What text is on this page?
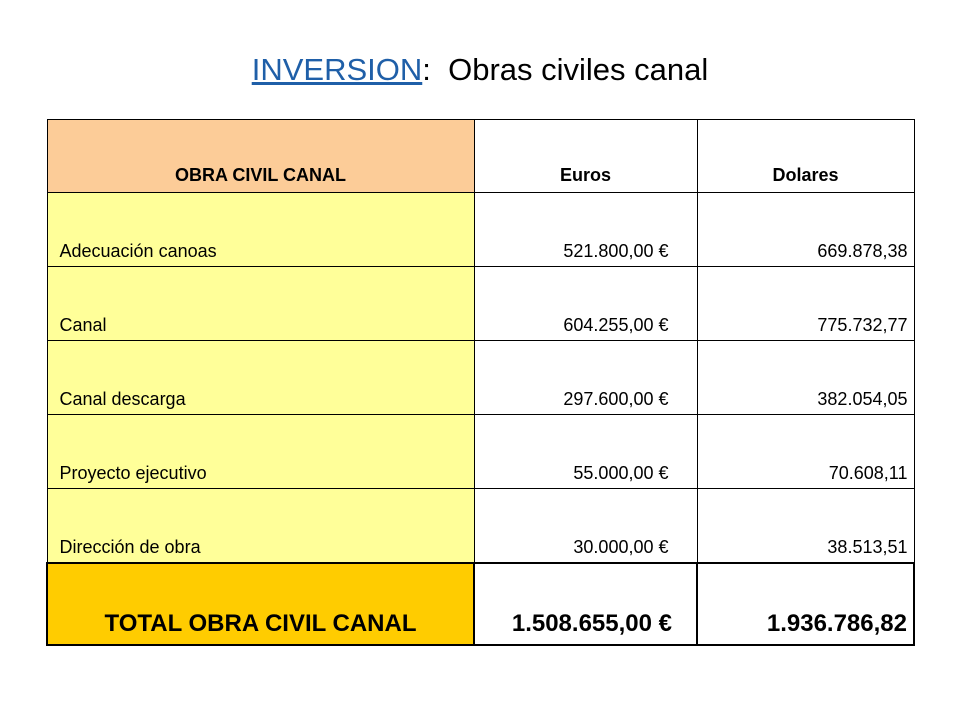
INVERSION: Obras civiles canal
OBRA CIVIL CANAL	Euros	Dolares
Adecuación canoas	521.800,00 €	669.878,38
Canal	604.255,00 €	775.732,77
Canal descarga	297.600,00 €	382.054,05
Proyecto ejecutivo	55.000,00 €	70.608,11
Dirección de obra	30.000,00 €	38.513,51
TOTAL OBRA CIVIL CANAL	1.508.655,00 €	1.936.786,82
